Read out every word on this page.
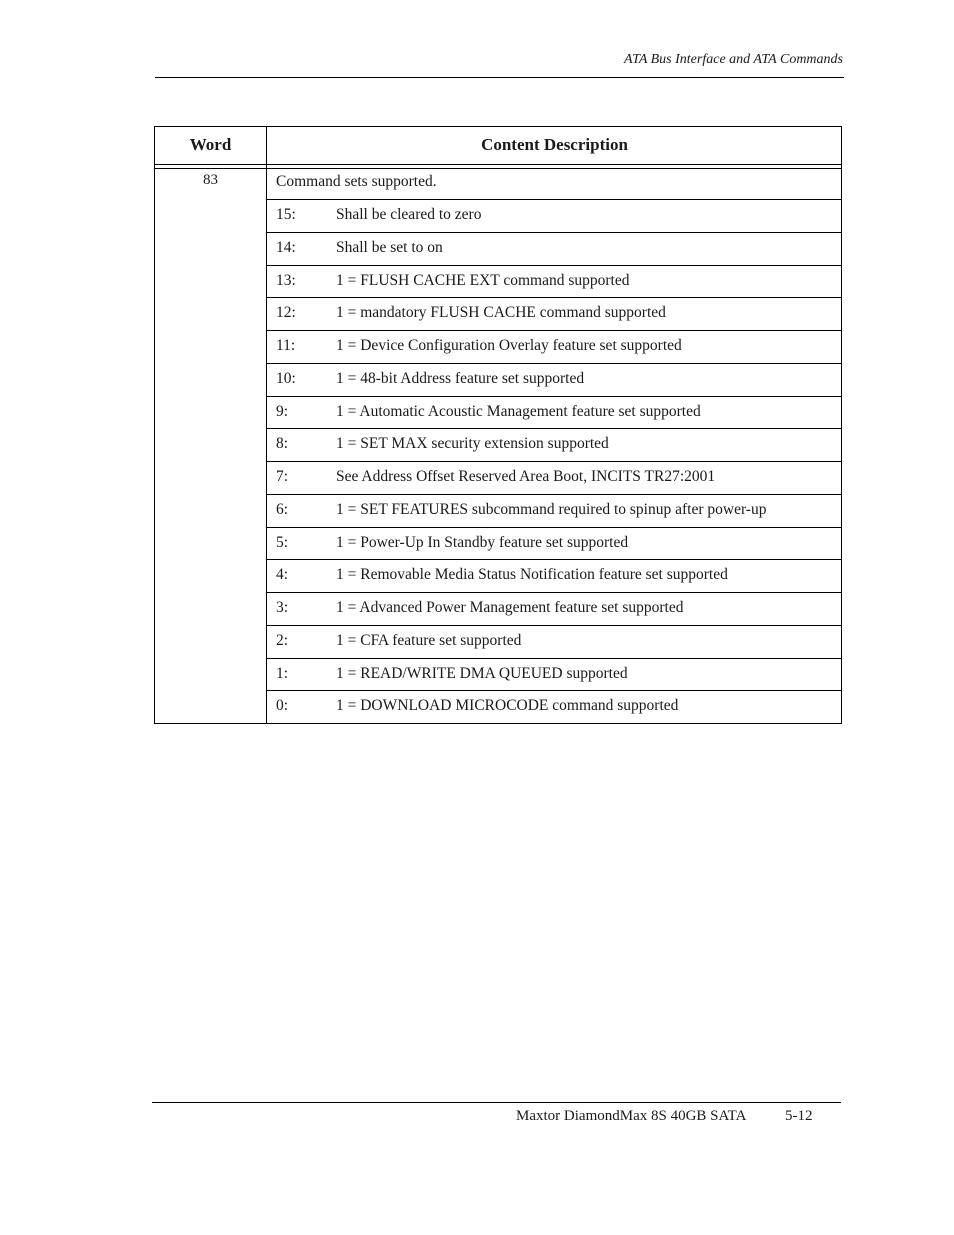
ATA Bus Interface and ATA Commands
Word	Content Description
83	Command sets supported.
15:	Shall be cleared to zero
14:	Shall be set to on
13:	1 = FLUSH CACHE EXT command supported
12:	1 = mandatory FLUSH CACHE command supported
11:	1 = Device Configuration Overlay feature set supported
10:	1 = 48-bit Address feature set supported
9:	1 = Automatic Acoustic Management feature set supported
8:	1 = SET MAX security extension supported
7:	See Address Offset Reserved Area Boot, INCITS TR27:2001
6:	1 = SET FEATURES subcommand required to spinup after power-up
5:	1 = Power-Up In Standby feature set supported
4:	1 = Removable Media Status Notification feature set supported
3:	1 = Advanced Power Management feature set supported
2:	1 = CFA feature set supported
1:	1 = READ/WRITE DMA QUEUED supported
0:	1 = DOWNLOAD MICROCODE command supported
Maxtor DiamondMax 8S 40GB SATA	5-12
